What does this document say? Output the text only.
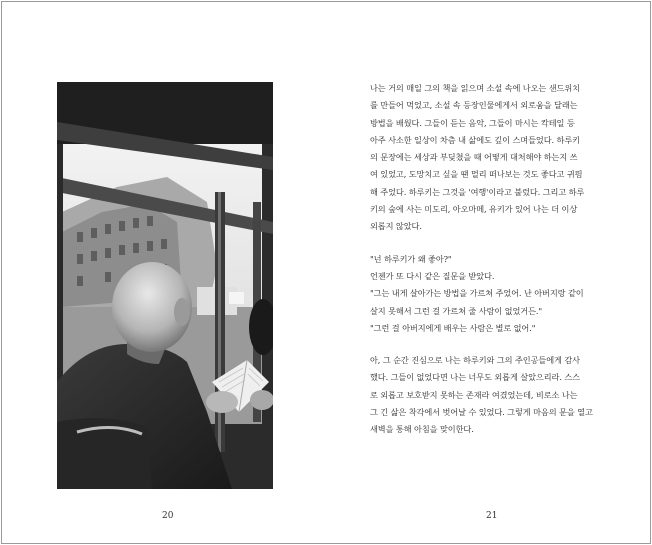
20
나는 거의 매일 그의 책을 읽으며 소설 속에 나오는 샌드위치
를 만들어 먹었고, 소설 속 등장인물에게서 외로움을 달래는
방법을 배웠다. 그들이 듣는 음악, 그들이 마시는 칵테일 등
아주 사소한 일상이 차츰 내 삶에도 깊이 스며들었다. 하루키
의 문장에는 세상과 부딪쳤을 때 어떻게 대처해야 하는지 쓰
여 있었고, 도망치고 싶을 땐 멀리 떠나보는 것도 좋다고 귀띔
해 주었다. 하루키는 그것을 '여행'이라고 불렀다. 그리고 하루
키의 숲에 사는 미도리, 아오마메, 유키가 있어 나는 더 이상
외롭지 않았다.
"넌 하루키가 왜 좋아?"
언젠가 또 다시 같은 질문을 받았다.
"그는 내게 살아가는 방법을 가르쳐 주었어. 난 아버지랑 같이
살지 못해서 그런 걸 가르쳐 줄 사람이 없었거든."
"그런 걸 아버지에게 배우는 사람은 별로 없어."
아, 그 순간 진심으로 나는 하루키와 그의 주인공들에게 감사
했다. 그들이 없었다면 나는 너무도 외롭게 살았으리라. 스스
로 외롭고 보호받지 못하는 존재라 여겼었는데, 비로소 나는
그 긴 삶은 착각에서 벗어날 수 있었다. 그렇게 마음의 문을 열고
새벽을 통해 아침을 맞이한다.
21
